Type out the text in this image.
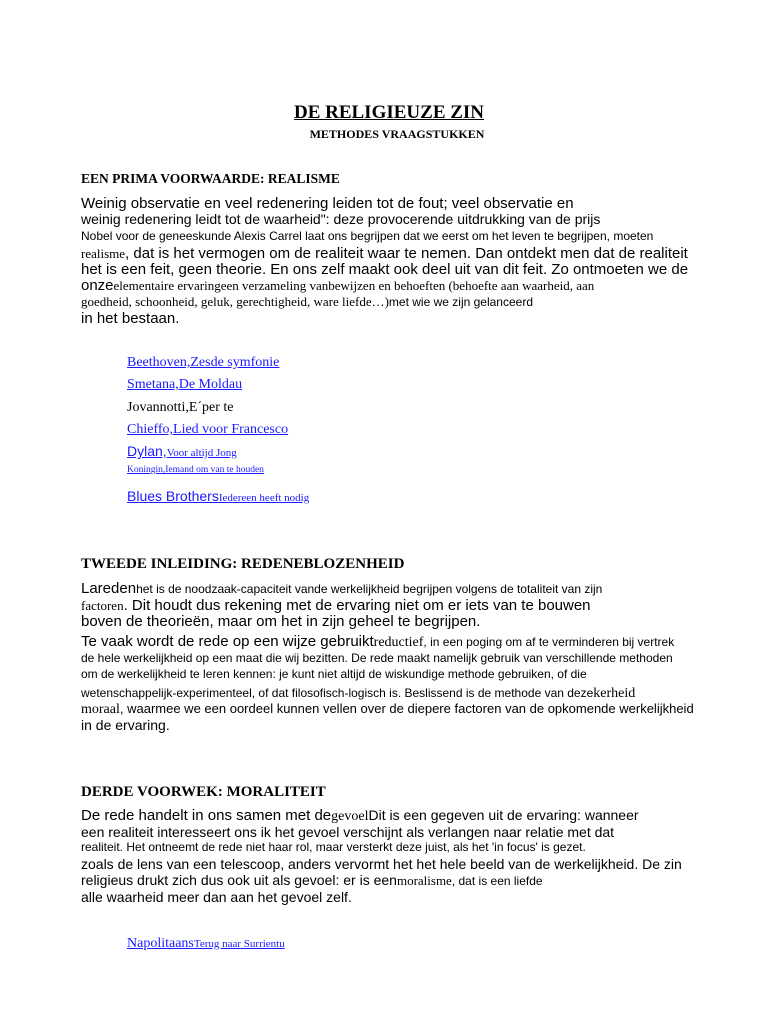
DE RELIGIEUZE ZIN
METHODES VRAAGSTUKKEN
EEN PRIMA VOORWAARDE: REALISME
Weinig observatie en veel redenering leiden tot de fout; veel observatie en
weinig redenering leidt tot de waarheid": deze provocerende uitdrukking van de prijs
Nobel voor de geneeskunde Alexis Carrel laat ons begrijpen dat we eerst om het leven te begrijpen, moeten
realisme, dat is het vermogen om de realiteit waar te nemen. Dan ontdekt men dat de realiteit
het is een feit, geen theorie. En ons zelf maakt ook deel uit van dit feit. Zo ontmoeten we de
onzeelementaire ervaringeen verzameling vanbewijzen en behoeften (behoefte aan waarheid, aan
goedheid, schoonheid, geluk, gerechtigheid, ware liefde…)met wie we zijn gelanceerd
in het bestaan.
Beethoven,Zesde symfonie
Smetana,De Moldau
Jovannotti,E´per te
Chieffo,Lied voor Francesco
Dylan,Voor altijd Jong
Koningin,Iemand om van te houden
Blues BrothersIedereen heeft nodig
TWEEDE INLEIDING: REDENEBLOZENHEID
Laredenhet is de noodzaak-capaciteit vande werkelijkheid begrijpen volgens de totaliteit van zijn
factoren. Dit houdt dus rekening met de ervaring niet om er iets van te bouwen
boven de theorieën, maar om het in zijn geheel te begrijpen.
Te vaak wordt de rede op een wijze gebruiktreductief, in een poging om af te verminderen bij vertrek
de hele werkelijkheid op een maat die wij bezitten. De rede maakt namelijk gebruik van verschillende methoden
om de werkelijkheid te leren kennen: je kunt niet altijd de wiskundige methode gebruiken, of die
wetenschappelijk-experimenteel, of dat filosofisch-logisch is. Beslissend is de methode van dezekerheid
moraal, waarmee we een oordeel kunnen vellen over de diepere factoren van de opkomende werkelijkheid
in de ervaring.
DERDE VOORWEK: MORALITEIT
De rede handelt in ons samen met degevoelDit is een gegeven uit de ervaring: wanneer
een realiteit interesseert ons ik het gevoel verschijnt als verlangen naar relatie met dat
realiteit. Het ontneemt de rede niet haar rol, maar versterkt deze juist, als het 'in focus' is gezet.
zoals de lens van een telescoop, anders vervormt het het hele beeld van de werkelijkheid. De zin
religieus drukt zich dus ook uit als gevoel: er is eenmoralisme, dat is een liefde
alle waarheid meer dan aan het gevoel zelf.
NapolitaansTerug naar Surrientu
